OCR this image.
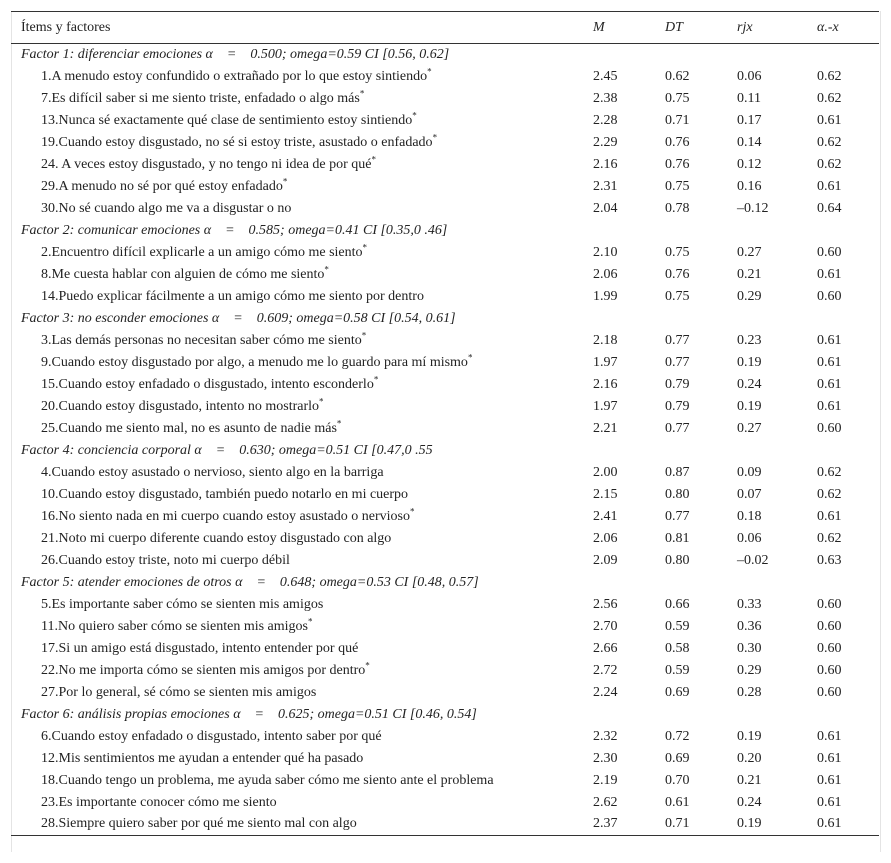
Ítems y factores	M	DT	rjx	α.-x
Factor 1: diferenciar emociones α = 0.500; omega=0.59 CI [0.56, 0.62]				
1.A menudo estoy confundido o extrañado por lo que estoy sintiendo*	2.45	0.62	0.06	0.62
7.Es difícil saber si me siento triste, enfadado o algo más*	2.38	0.75	0.11	0.62
13.Nunca sé exactamente qué clase de sentimiento estoy sintiendo*	2.28	0.71	0.17	0.61
19.Cuando estoy disgustado, no sé si estoy triste, asustado o enfadado*	2.29	0.76	0.14	0.62
24. A veces estoy disgustado, y no tengo ni idea de por qué*	2.16	0.76	0.12	0.62
29.A menudo no sé por qué estoy enfadado*	2.31	0.75	0.16	0.61
30.No sé cuando algo me va a disgustar o no	2.04	0.78	–0.12	0.64
Factor 2: comunicar emociones α = 0.585; omega=0.41 CI [0.35,0 .46]				
2.Encuentro difícil explicarle a un amigo cómo me siento*	2.10	0.75	0.27	0.60
8.Me cuesta hablar con alguien de cómo me siento*	2.06	0.76	0.21	0.61
14.Puedo explicar fácilmente a un amigo cómo me siento por dentro	1.99	0.75	0.29	0.60
Factor 3: no esconder emociones α = 0.609; omega=0.58 CI [0.54, 0.61]				
3.Las demás personas no necesitan saber cómo me siento*	2.18	0.77	0.23	0.61
9.Cuando estoy disgustado por algo, a menudo me lo guardo para mí mismo*	1.97	0.77	0.19	0.61
15.Cuando estoy enfadado o disgustado, intento esconderlo*	2.16	0.79	0.24	0.61
20.Cuando estoy disgustado, intento no mostrarlo*	1.97	0.79	0.19	0.61
25.Cuando me siento mal, no es asunto de nadie más*	2.21	0.77	0.27	0.60
Factor 4: conciencia corporal α = 0.630; omega=0.51 CI [0.47,0 .55				
4.Cuando estoy asustado o nervioso, siento algo en la barriga	2.00	0.87	0.09	0.62
10.Cuando estoy disgustado, también puedo notarlo en mi cuerpo	2.15	0.80	0.07	0.62
16.No siento nada en mi cuerpo cuando estoy asustado o nervioso*	2.41	0.77	0.18	0.61
21.Noto mi cuerpo diferente cuando estoy disgustado con algo	2.06	0.81	0.06	0.62
26.Cuando estoy triste, noto mi cuerpo débil	2.09	0.80	–0.02	0.63
Factor 5: atender emociones de otros α = 0.648; omega=0.53 CI [0.48, 0.57]				
5.Es importante saber cómo se sienten mis amigos	2.56	0.66	0.33	0.60
11.No quiero saber cómo se sienten mis amigos*	2.70	0.59	0.36	0.60
17.Si un amigo está disgustado, intento entender por qué	2.66	0.58	0.30	0.60
22.No me importa cómo se sienten mis amigos por dentro*	2.72	0.59	0.29	0.60
27.Por lo general, sé cómo se sienten mis amigos	2.24	0.69	0.28	0.60
Factor 6: análisis propias emociones α = 0.625; omega=0.51 CI [0.46, 0.54]				
6.Cuando estoy enfadado o disgustado, intento saber por qué	2.32	0.72	0.19	0.61
12.Mis sentimientos me ayudan a entender qué ha pasado	2.30	0.69	0.20	0.61
18.Cuando tengo un problema, me ayuda saber cómo me siento ante el problema	2.19	0.70	0.21	0.61
23.Es importante conocer cómo me siento	2.62	0.61	0.24	0.61
28.Siempre quiero saber por qué me siento mal con algo	2.37	0.71	0.19	0.61
